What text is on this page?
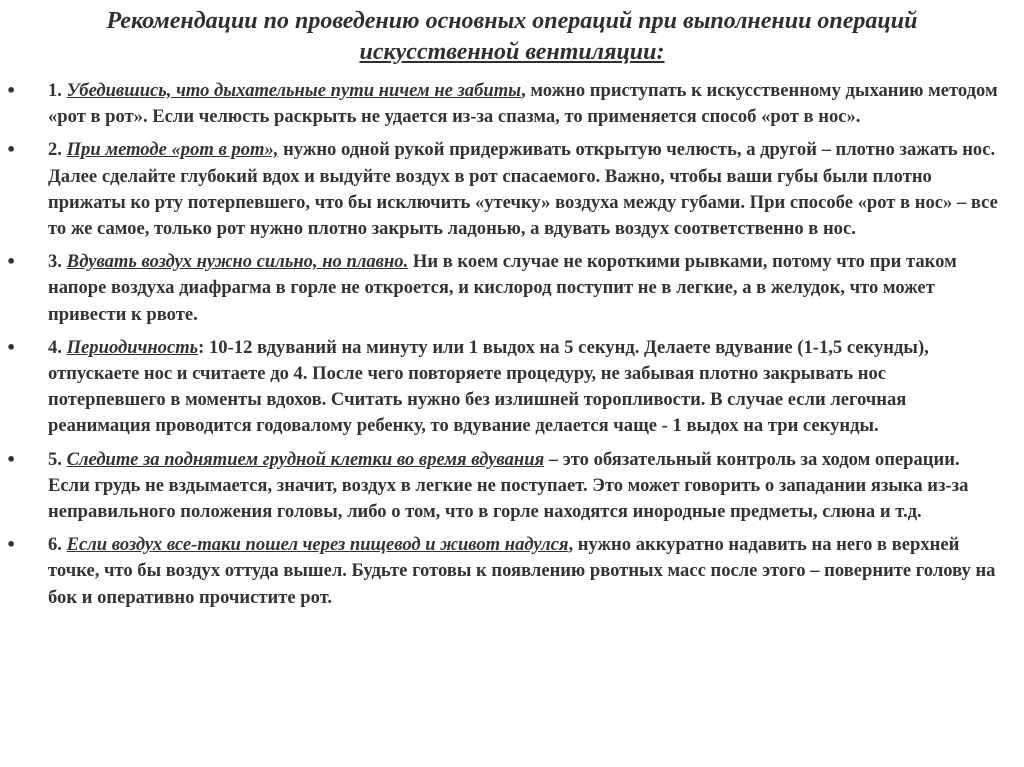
Рекомендации по проведению основных операций при выполнении операций
искусственной вентиляции:
•	1. Убедившись, что дыхательные пути ничем не забиты, можно приступать к искусственному дыханию методом «рот в рот». Если челюсть раскрыть не удается из-за спазма, то применяется способ «рот в нос».
•	2. При методе «рот в рот», нужно одной рукой придерживать открытую челюсть, а другой – плотно зажать нос. Далее сделайте глубокий вдох и выдуйте воздух в рот спасаемого. Важно, чтобы ваши губы были плотно прижаты ко рту потерпевшего, что бы исключить «утечку» воздуха между губами. При способе «рот в нос» – все то же самое, только рот нужно плотно закрыть ладонью, а вдувать воздух соответственно в нос.
•	3. Вдувать воздух нужно сильно, но плавно. Ни в коем случае не короткими рывками, потому что при таком напоре воздуха диафрагма в горле не откроется, и кислород поступит не в легкие, а в желудок, что может привести к рвоте.
•	4. Периодичность: 10-12 вдуваний на минуту или 1 выдох на 5 секунд. Делаете вдувание (1-1,5 секунды), отпускаете нос и считаете до 4. После чего повторяете процедуру, не забывая плотно закрывать нос потерпевшего в моменты вдохов. Считать нужно без излишней торопливости. В случае если легочная реанимация проводится годовалому ребенку, то вдувание делается чаще - 1 выдох на три секунды.
•	5. Следите за поднятием грудной клетки во время вдувания – это обязательный контроль за ходом операции. Если грудь не вздымается, значит, воздух в легкие не поступает. Это может говорить о западании языка из-за неправильного положения головы, либо о том, что в горле находятся инородные предметы, слюна и т.д.
•	6. Если воздух все-таки пошел через пищевод и живот надулся, нужно аккуратно надавить на него в верхней точке, что бы воздух оттуда вышел. Будьте готовы к появлению рвотных масс после этого – поверните голову на бок и оперативно прочистите рот.
